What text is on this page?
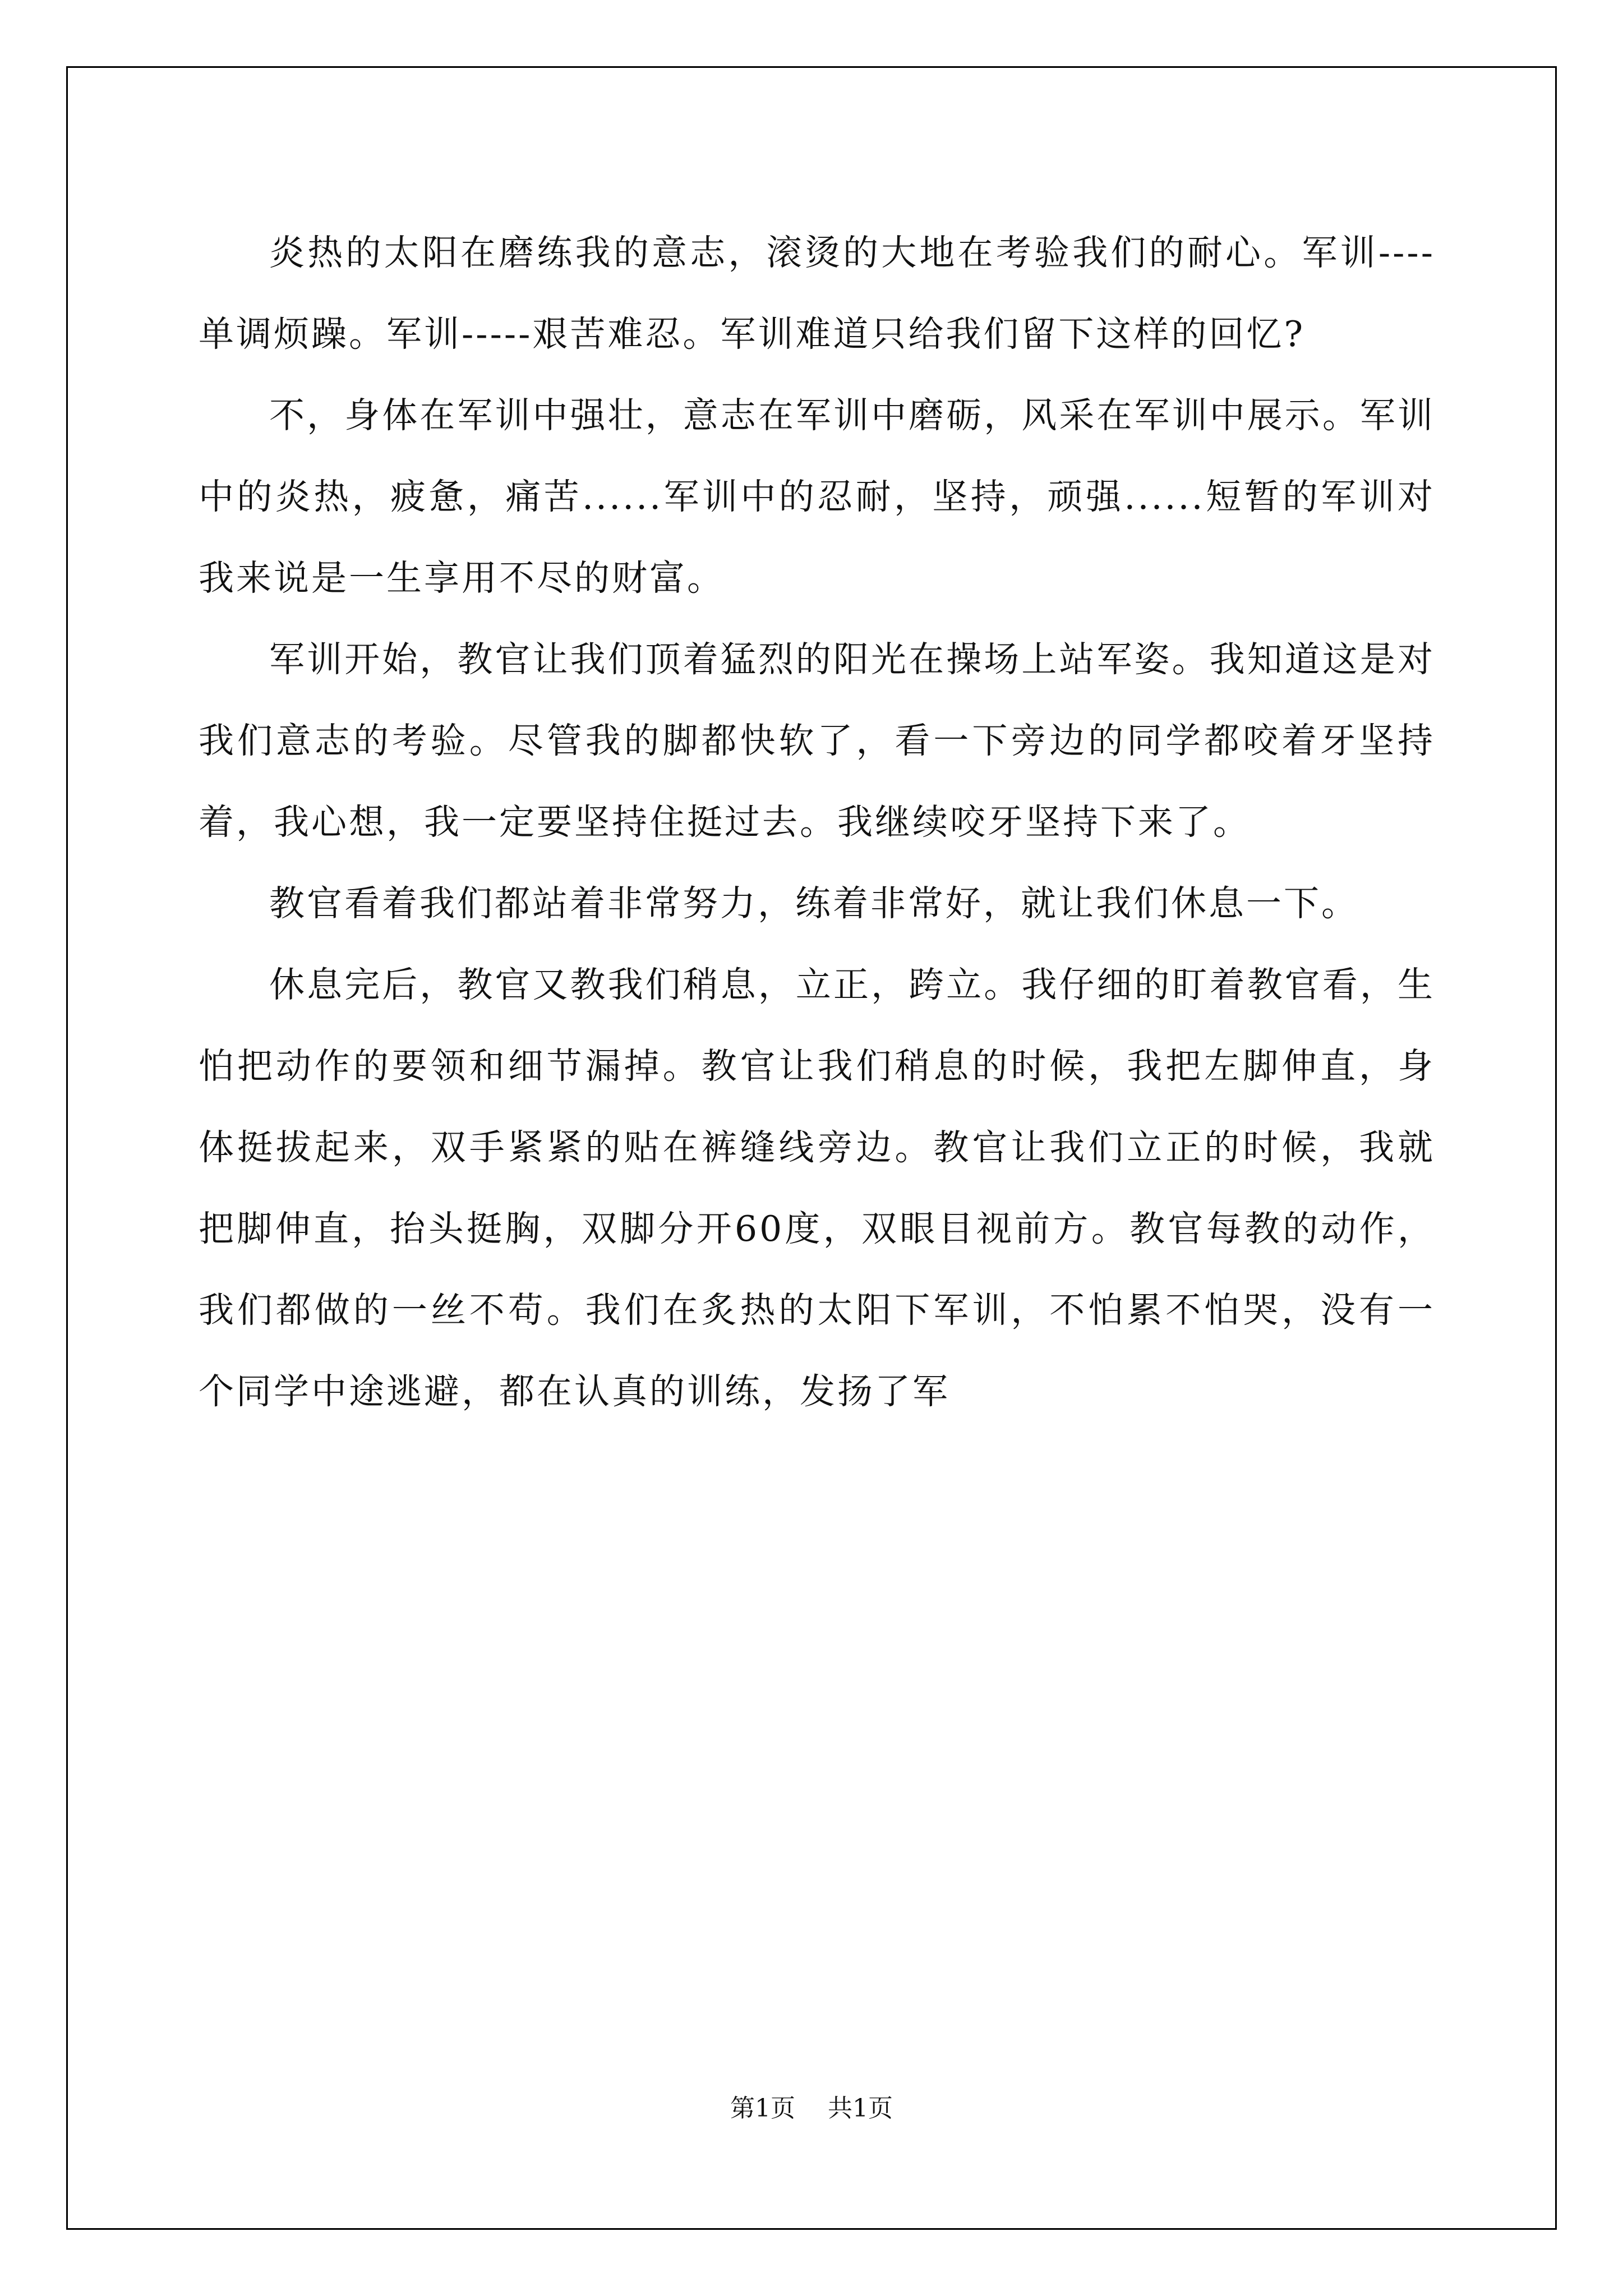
炎热的太阳在磨练我的意志，滚烫的大地在考验我们的耐心。军训----单调烦躁。军训-----艰苦难忍。军训难道只给我们留下这样的回忆?

不，身体在军训中强壮，意志在军训中磨砺，风采在军训中展示。军训中的炎热，疲惫，痛苦......军训中的忍耐，坚持，顽强......短暂的军训对我来说是一生享用不尽的财富。

军训开始，教官让我们顶着猛烈的阳光在操场上站军姿。我知道这是对我们意志的考验。尽管我的脚都快软了，看一下旁边的同学都咬着牙坚持着，我心想，我一定要坚持住挺过去。我继续咬牙坚持下来了。

教官看着我们都站着非常努力，练着非常好，就让我们休息一下。

休息完后，教官又教我们稍息，立正，跨立。我仔细的盯着教官看，生怕把动作的要领和细节漏掉。教官让我们稍息的时候，我把左脚伸直，身体挺拔起来，双手紧紧的贴在裤缝线旁边。教官让我们立正的时候，我就把脚伸直，抬头挺胸，双脚分开60度，双眼目视前方。教官每教的动作，我们都做的一丝不苟。我们在炙热的太阳下军训，不怕累不怕哭，没有一个同学中途逃避，都在认真的训练，发扬了军

第1页 共1页
